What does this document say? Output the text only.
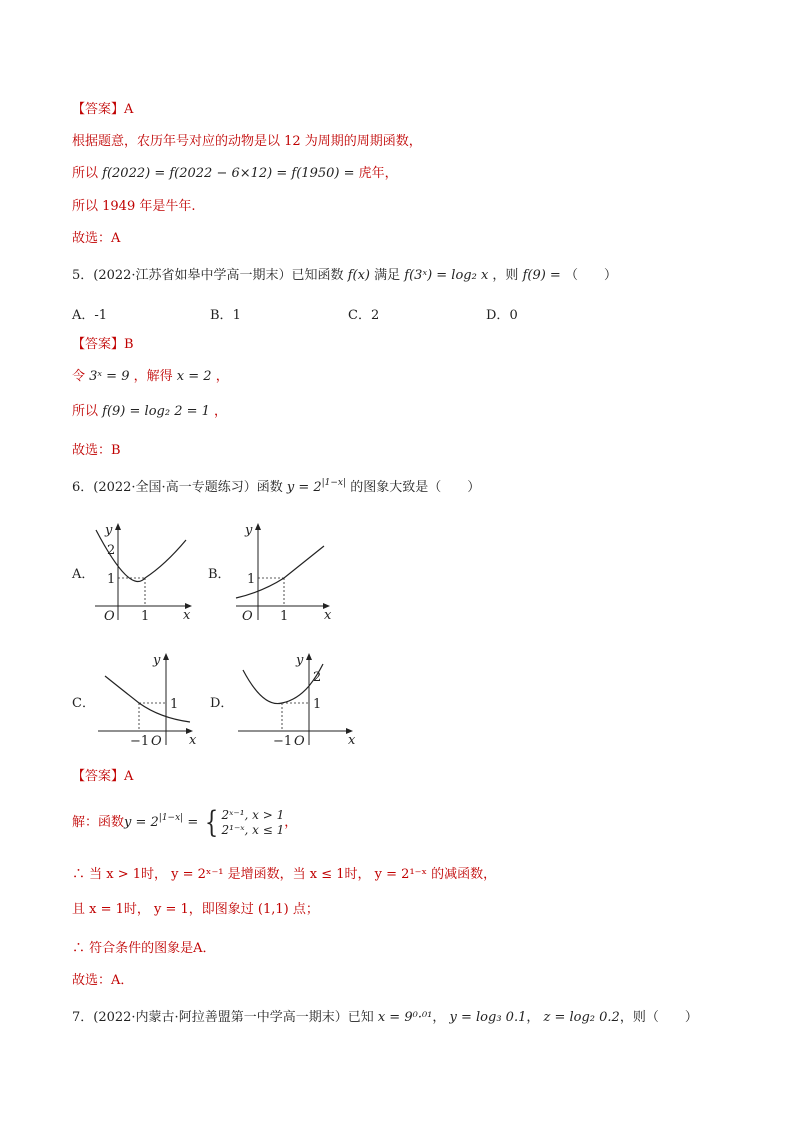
【答案】A
根据题意，农历年号对应的动物是以 12 为周期的周期函数，
所以 f(2022) = f(2022 − 6×12) = f(1950) = 虎年，
所以 1949 年是牛年.
故选：A
5．(2022·江苏省如皋中学高一期末）已知函数 f(x) 满足 f(3ˣ) = log₂ x ，则 f(9) = （　　）
A．-1	B．1	C．2	D．0
【答案】B
令 3ˣ = 9 ，解得 x = 2 ，
所以 f(9) = log₂ 2 = 1 ，
故选：B
6．(2022·全国·高一专题练习）函数 $y = 2^{|1-x|}$ 的图象大致是（　　）
A．
y
2
1
O 1	x
B．
y
1
O 1	x
C．
y
1
−1 O x
D．
y
2
1
−1 O	x
【答案】A
解：函数$y = 2^{|1-x|}$ = { 2ˣ⁻¹, x > 1
2¹⁻ˣ, x ≤ 1，
∴ 当 x > 1时， y = 2ˣ⁻¹ 是增函数，当 x ≤ 1时， y = 2¹⁻ˣ 的减函数，
且 x = 1时， y = 1，即图象过 (1,1) 点；
∴ 符合条件的图象是A．
故选：A．
7．(2022·内蒙古·阿拉善盟第一中学高一期末）已知 x = 9⁰·⁰¹， y = log₃ 0.1， z = log₂ 0.2，则（　　）
